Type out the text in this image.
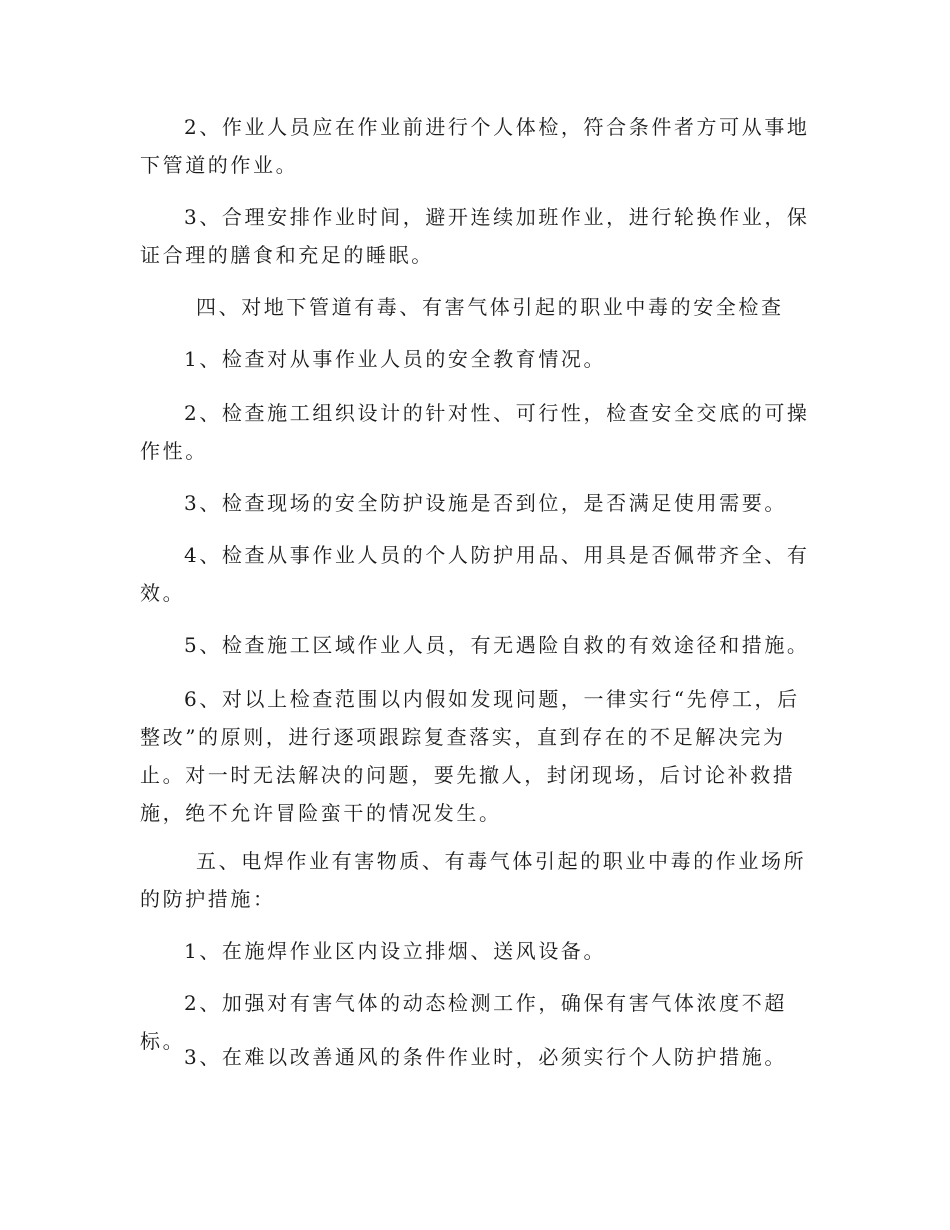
2、作业人员应在作业前进行个人体检，符合条件者方可从事地下管道的作业。

3、合理安排作业时间，避开连续加班作业，进行轮换作业，保证合理的膳食和充足的睡眠。

四、对地下管道有毒、有害气体引起的职业中毒的安全检查

1、检查对从事作业人员的安全教育情况。

2、检查施工组织设计的针对性、可行性，检查安全交底的可操作性。

3、检查现场的安全防护设施是否到位，是否满足使用需要。

4、检查从事作业人员的个人防护用品、用具是否佩带齐全、有效。

5、检查施工区域作业人员，有无遇险自救的有效途径和措施。

6、对以上检查范围以内假如发现问题，一律实行“先停工，后整改”的原则，进行逐项跟踪复查落实，直到存在的不足解决完为止。对一时无法解决的问题，要先撤人，封闭现场，后讨论补救措施，绝不允许冒险蛮干的情况发生。

五、电焊作业有害物质、有毒气体引起的职业中毒的作业场所的防护措施：

1、在施焊作业区内设立排烟、送风设备。

2、加强对有害气体的动态检测工作，确保有害气体浓度不超标。

3、在难以改善通风的条件作业时，必须实行个人防护措施。
